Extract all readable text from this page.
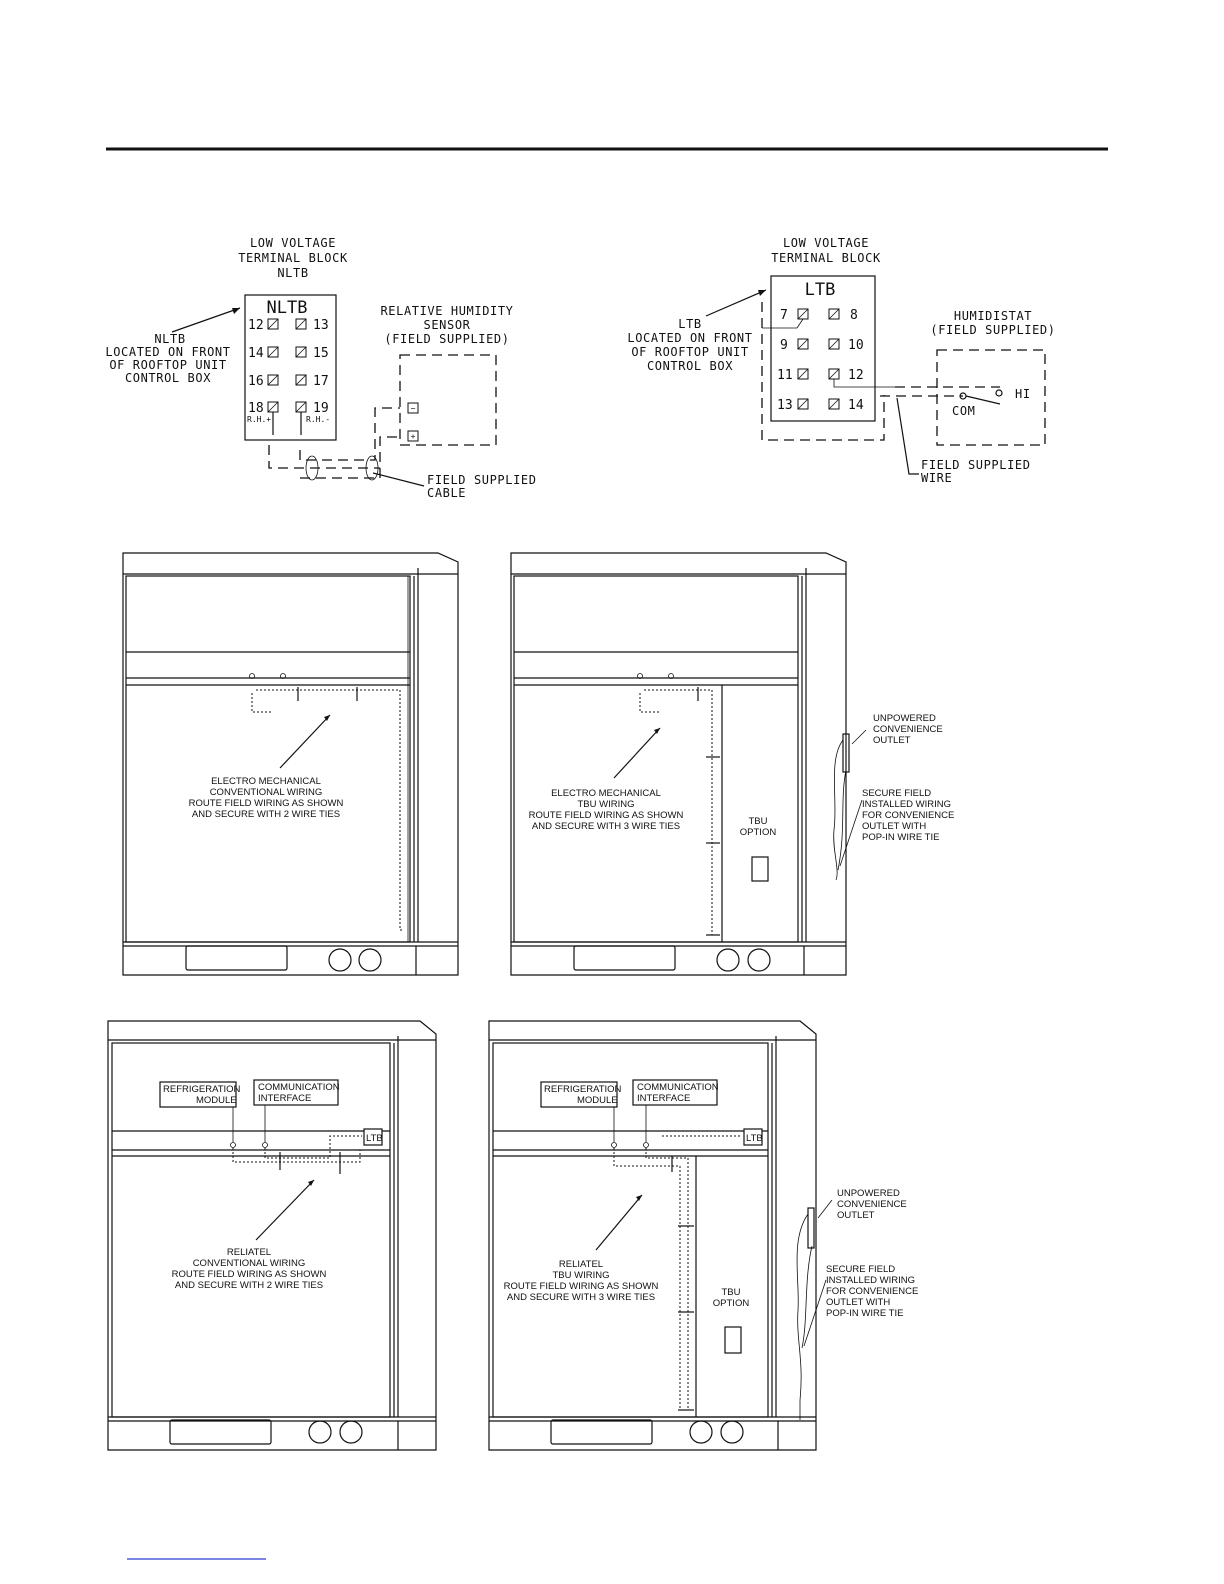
LOW VOLTAGE
TERMINAL BLOCK
NLTB
NLTB
12	13
14	15
16	17
18	19
R.H.+	R.H.-
NLTB
LOCATED ON FRONT
OF ROOFTOP UNIT
CONTROL BOX
RELATIVE HUMIDITY
SENSOR
(FIELD SUPPLIED)
−
+
FIELD SUPPLIED
CABLE
LOW VOLTAGE
TERMINAL BLOCK
LTB
7	8
9	10
11	12
13	14
LTB
LOCATED ON FRONT
OF ROOFTOP UNIT
CONTROL BOX
HUMIDISTAT
(FIELD SUPPLIED)
COM
HI
FIELD SUPPLIED
WIRE
ELECTRO MECHANICAL
CONVENTIONAL WIRING
ROUTE FIELD WIRING AS SHOWN
AND SECURE WITH 2 WIRE TIES
ELECTRO MECHANICAL
TBU WIRING
ROUTE FIELD WIRING AS SHOWN
AND SECURE WITH 3 WIRE TIES	TBU
OPTION
UNPOWERED
CONVENIENCE
OUTLET
SECURE FIELD
INSTALLED WIRING
FOR CONVENIENCE
OUTLET WITH
POP-IN WIRE TIE
REFRIGERATION
MODULE
COMMUNICATION
INTERFACE
LTB
RELIATEL
CONVENTIONAL WIRING
ROUTE FIELD WIRING AS SHOWN
AND SECURE WITH 2 WIRE TIES
REFRIGERATION
MODULE
COMMUNICATION
INTERFACE
LTB
RELIATEL
TBU WIRING
ROUTE FIELD WIRING AS SHOWN
AND SECURE WITH 3 WIRE TIES	TBU
OPTION
UNPOWERED
CONVENIENCE
OUTLET
SECURE FIELD
INSTALLED WIRING
FOR CONVENIENCE
OUTLET WITH
POP-IN WIRE TIE
